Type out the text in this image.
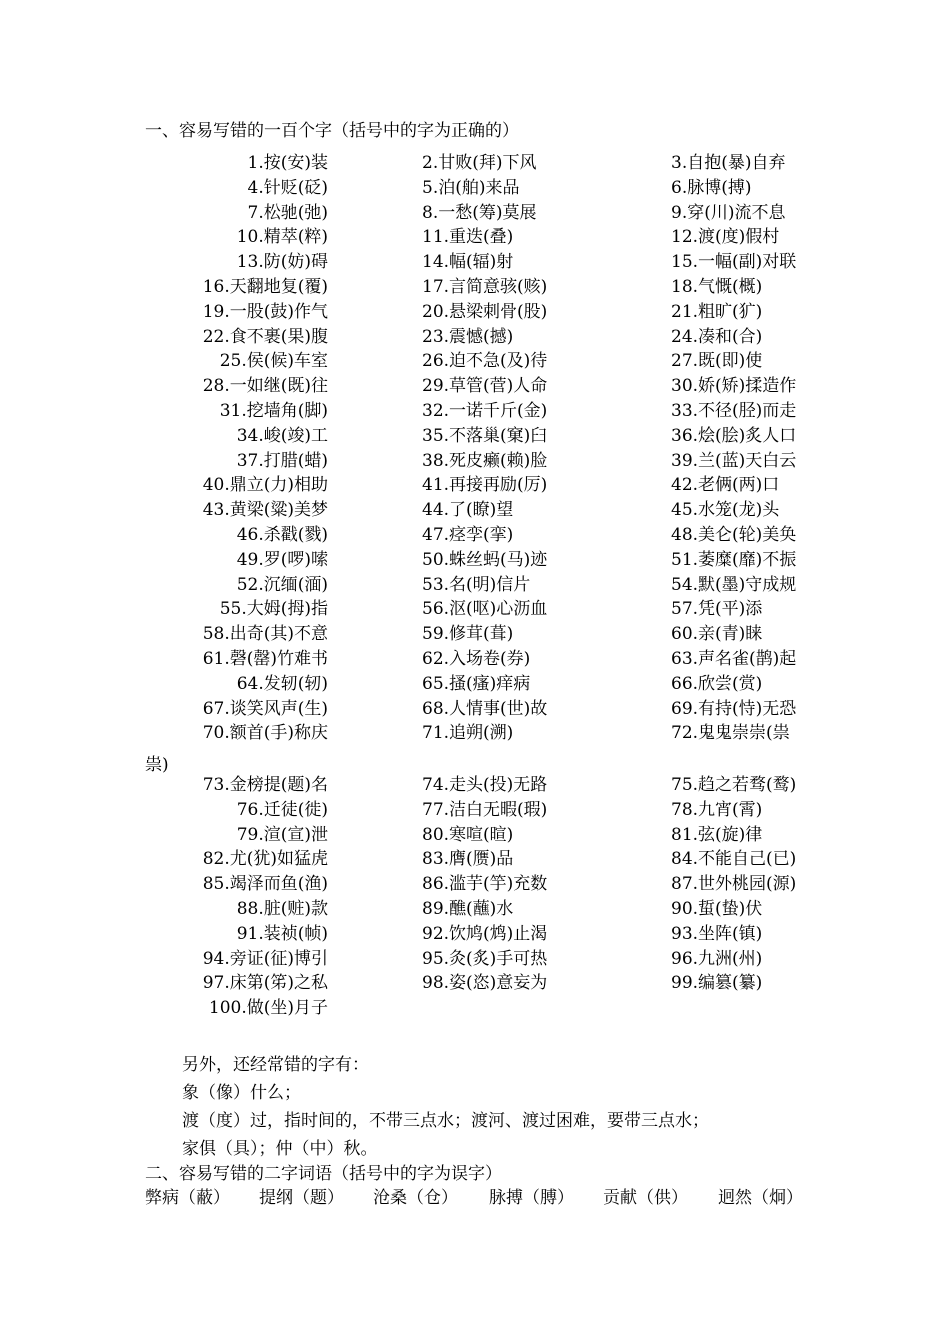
一、容易写错的一百个字（括号中的字为正确的）
1.按(安)装	2.甘败(拜)下风	3.自抱(暴)自弃
4.针贬(砭)	5.泊(舶)来品	6.脉博(搏)
7.松驰(弛)	8.一愁(筹)莫展	9.穿(川)流不息
10.精萃(粹)	11.重迭(叠)	12.渡(度)假村
13.防(妨)碍	14.幅(辐)射	15.一幅(副)对联
16.天翻地复(覆)	17.言简意骇(赅)	18.气慨(概)
19.一股(鼓)作气	20.悬梁刺骨(股)	21.粗旷(犷)
22.食不裹(果)腹	23.震憾(撼)	24.凑和(合)
25.侯(候)车室	26.迫不急(及)待	27.既(即)使
28.一如继(既)往	29.草管(菅)人命	30.娇(矫)揉造作
31.挖墙角(脚)	32.一诺千斤(金)	33.不径(胫)而走
34.峻(竣)工	35.不落巢(窠)臼	36.烩(脍)炙人口
37.打腊(蜡)	38.死皮癞(赖)脸	39.兰(蓝)天白云
40.鼎立(力)相助	41.再接再励(厉)	42.老俩(两)口
43.黄梁(粱)美梦	44.了(瞭)望	45.水笼(龙)头
46.杀戳(戮)	47.痉孪(挛)	48.美仑(轮)美奂
49.罗(啰)嗦	50.蛛丝蚂(马)迹	51.萎糜(靡)不振
52.沉缅(湎)	53.名(明)信片	54.默(墨)守成规
55.大姆(拇)指	56.沤(呕)心沥血	57.凭(平)添
58.出奇(其)不意	59.修茸(葺)	60.亲(青)睐
61.磬(罄)竹难书	62.入场卷(券)	63.声名雀(鹊)起
64.发轫(轫)	65.搔(瘙)痒病	66.欣尝(赏)
67.谈笑风声(生)	68.人情事(世)故	69.有持(恃)无恐
70.额首(手)称庆	71.追朔(溯)	72.鬼鬼崇崇(祟
祟)
73.金榜提(题)名	74.走头(投)无路	75.趋之若骛(鹜)
76.迁徒(徙)	77.洁白无暇(瑕)	78.九宵(霄)
79.渲(宣)泄	80.寒喧(暄)	81.弦(旋)律
82.尤(犹)如猛虎	83.膺(赝)品	84.不能自己(已)
85.竭泽而鱼(渔)	86.滥芋(竽)充数	87.世外桃园(源)
88.脏(赃)款	89.醮(蘸)水	90.蜇(蛰)伏
91.装祯(帧)	92.饮鸠(鸩)止渴	93.坐阵(镇)
94.旁证(征)博引	95.灸(炙)手可热	96.九洲(州)
97.床第(笫)之私	98.姿(恣)意妄为	99.编篡(纂)
100.做(坐)月子
另外，还经常错的字有：
象（像）什么；
渡（度）过，指时间的，不带三点水；渡河、渡过困难，要带三点水；
家俱（具）；仲（中）秋。
二、容易写错的二字词语（括号中的字为误字）
弊病（蔽） 提纲（题） 沧桑（仓） 脉搏（膊） 贡献（供） 迥然（炯）
